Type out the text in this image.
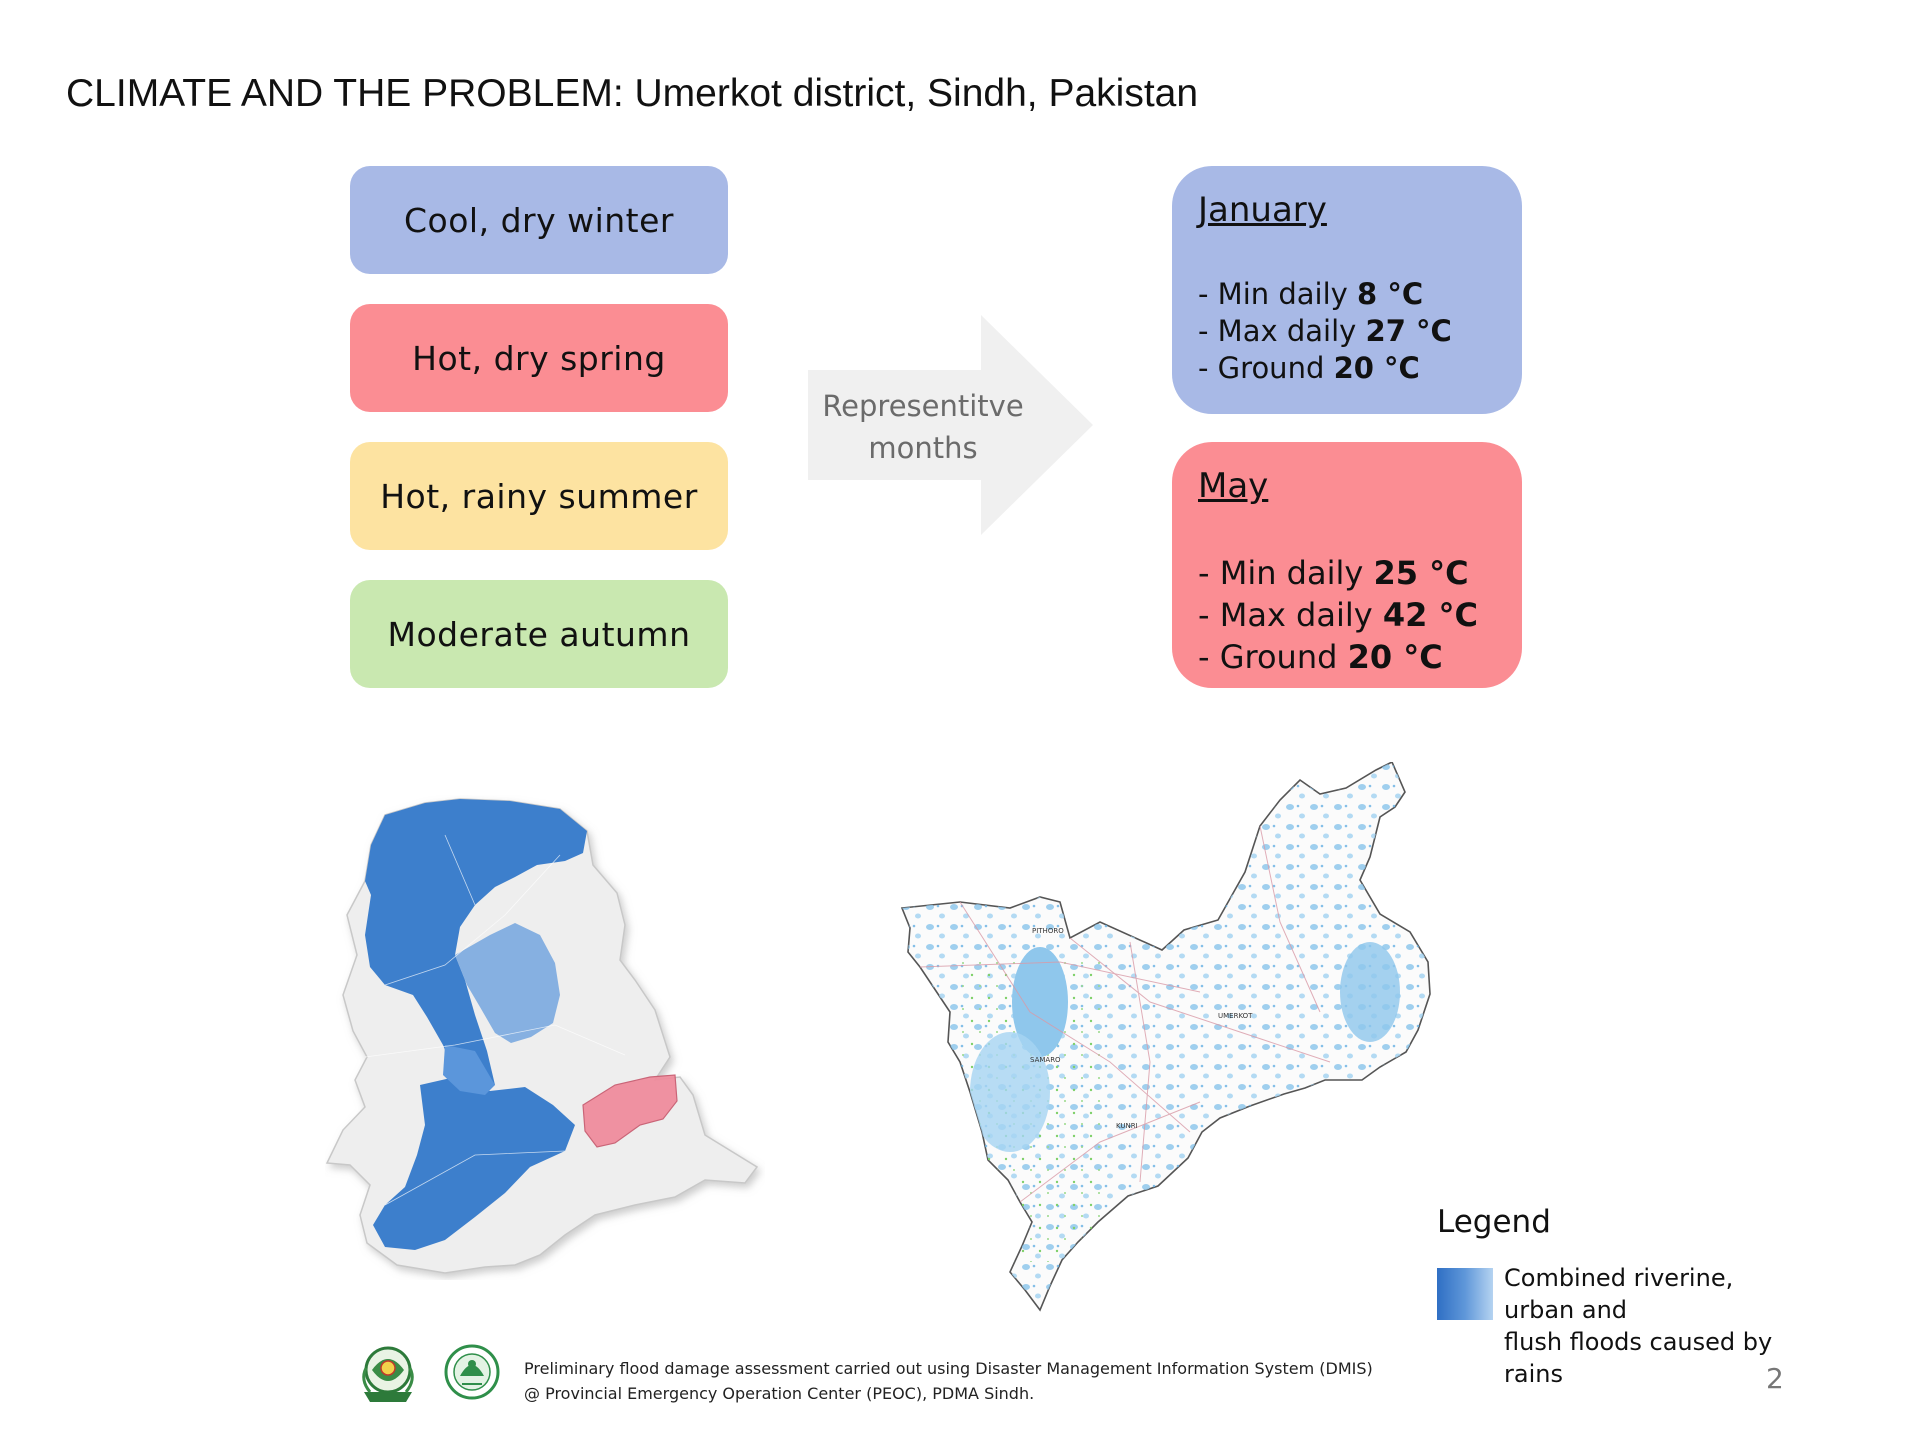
CLIMATE AND THE PROBLEM: Umerkot district, Sindh, Pakistan
Cool, dry winter
Hot, dry spring
Hot, rainy summer
Moderate autumn
Representitve
months
January
- Min daily 8 °C
- Max daily 27 °C
- Ground 20 °C
May
- Min daily 25 °C
- Max daily 42 °C
- Ground 20 °C
PITHORO
UMERKOT
SAMARO
KUNRI
Legend
Combined riverine, urban and
flush floods caused by rains
Preliminary flood damage assessment carried out using Disaster Management Information System (DMIS)
@ Provincial Emergency Operation Center (PEOC), PDMA Sindh.	2
